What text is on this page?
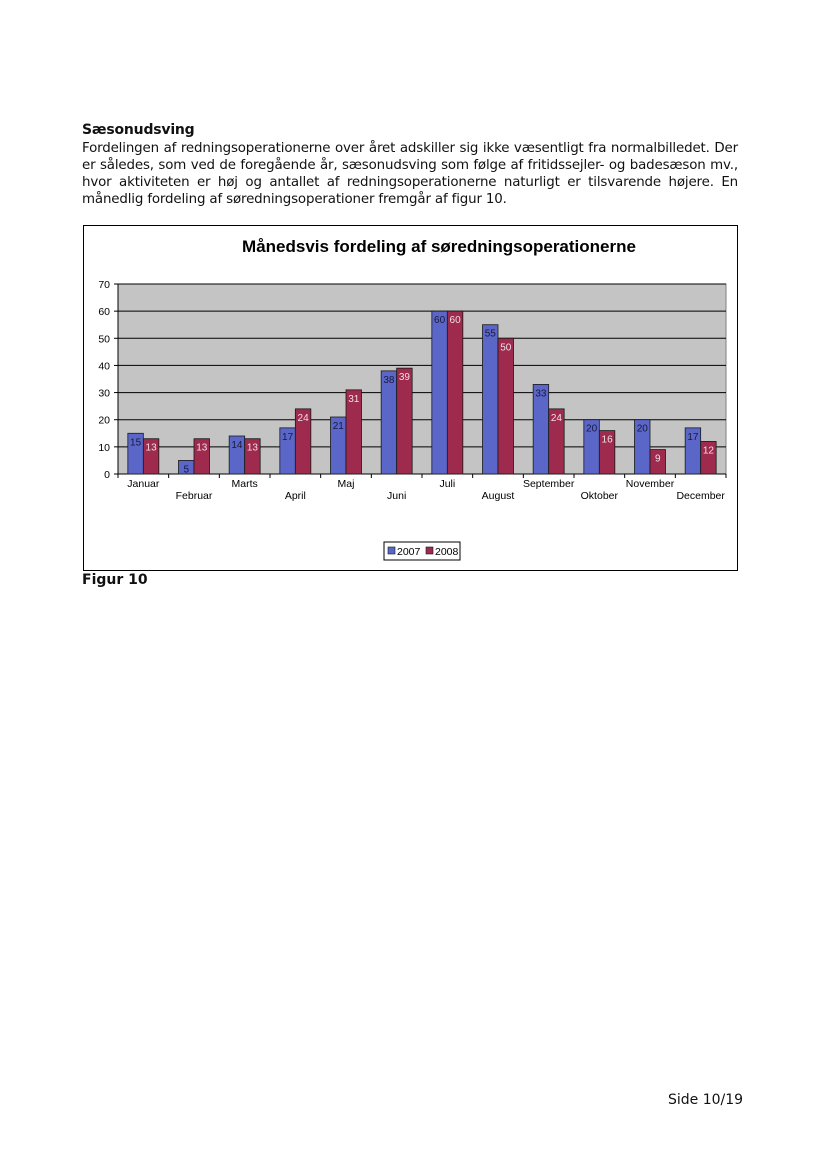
Sæsonudsving
Fordelingen af redningsoperationerne over året adskiller sig ikke væsentligt fra normalbilledet. Der er således, som ved de foregående år, sæsonudsving som følge af fritidssejler- og badesæson mv., hvor aktiviteten er høj og antallet af redningsoperationerne naturligt er tilsvarende højere. En månedlig fordeling af søredningsoperationer fremgår af figur 10.
Månedsvis fordeling af søredningsoperationerne
0
10
20
30
40
50
60
70
15 13
Januar
5
13
Februar
14 13
Marts
17
24
April
21
31
Maj
38 39
Juni
60 60
Juli
55
50
August
33
24
September
20
16
Oktober
20
9
November
17
12
December
2007 2008
Figur 10
Side 10/19
